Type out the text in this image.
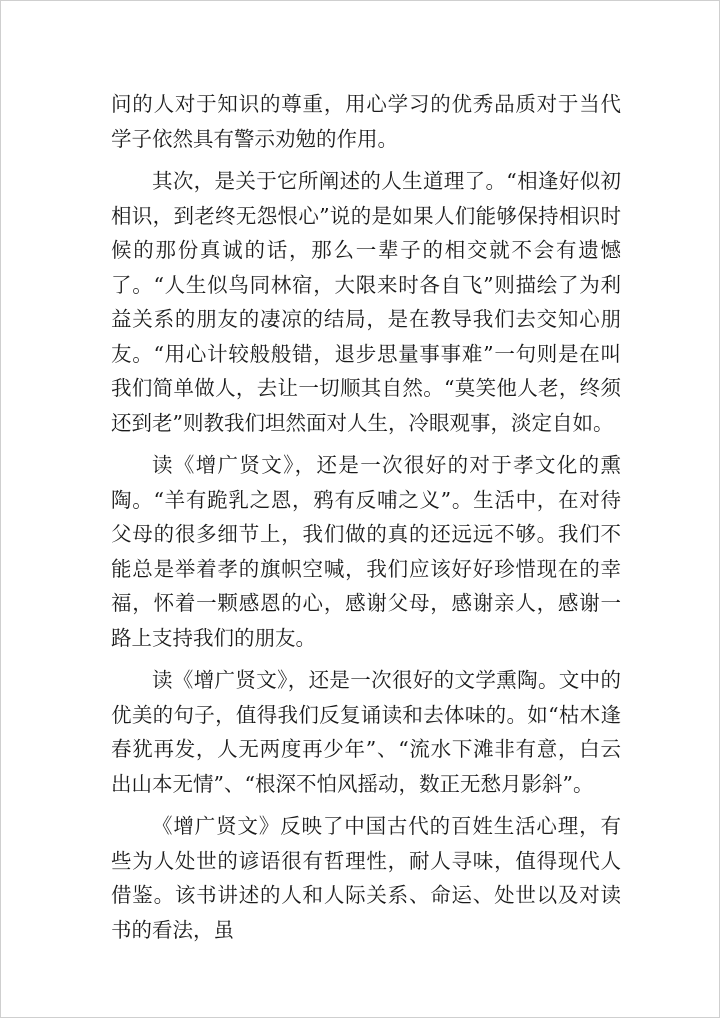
问的人对于知识的尊重，用心学习的优秀品质对于当代学子依然具有警示劝勉的作用。

其次，是关于它所阐述的人生道理了。“相逢好似初相识，到老终无怨恨心”说的是如果人们能够保持相识时候的那份真诚的话，那么一辈子的相交就不会有遗憾了。“人生似鸟同林宿，大限来时各自飞”则描绘了为利益关系的朋友的凄凉的结局，是在教导我们去交知心朋友。“用心计较般般错，退步思量事事难”一句则是在叫我们简单做人，去让一切顺其自然。“莫笑他人老，终须还到老”则教我们坦然面对人生，冷眼观事，淡定自如。

读《增广贤文》，还是一次很好的对于孝文化的熏陶。“羊有跪乳之恩，鸦有反哺之义”。生活中，在对待父母的很多细节上，我们做的真的还远远不够。我们不能总是举着孝的旗帜空喊，我们应该好好珍惜现在的幸福，怀着一颗感恩的心，感谢父母，感谢亲人，感谢一路上支持我们的朋友。

读《增广贤文》，还是一次很好的文学熏陶。文中的优美的句子，值得我们反复诵读和去体味的。如“枯木逢春犹再发，人无两度再少年”、“流水下滩非有意，白云出山本无情”、“根深不怕风摇动，数正无愁月影斜”。

《增广贤文》反映了中国古代的百姓生活心理，有些为人处世的谚语很有哲理性，耐人寻味，值得现代人借鉴。该书讲述的人和人际关系、命运、处世以及对读书的看法，虽
